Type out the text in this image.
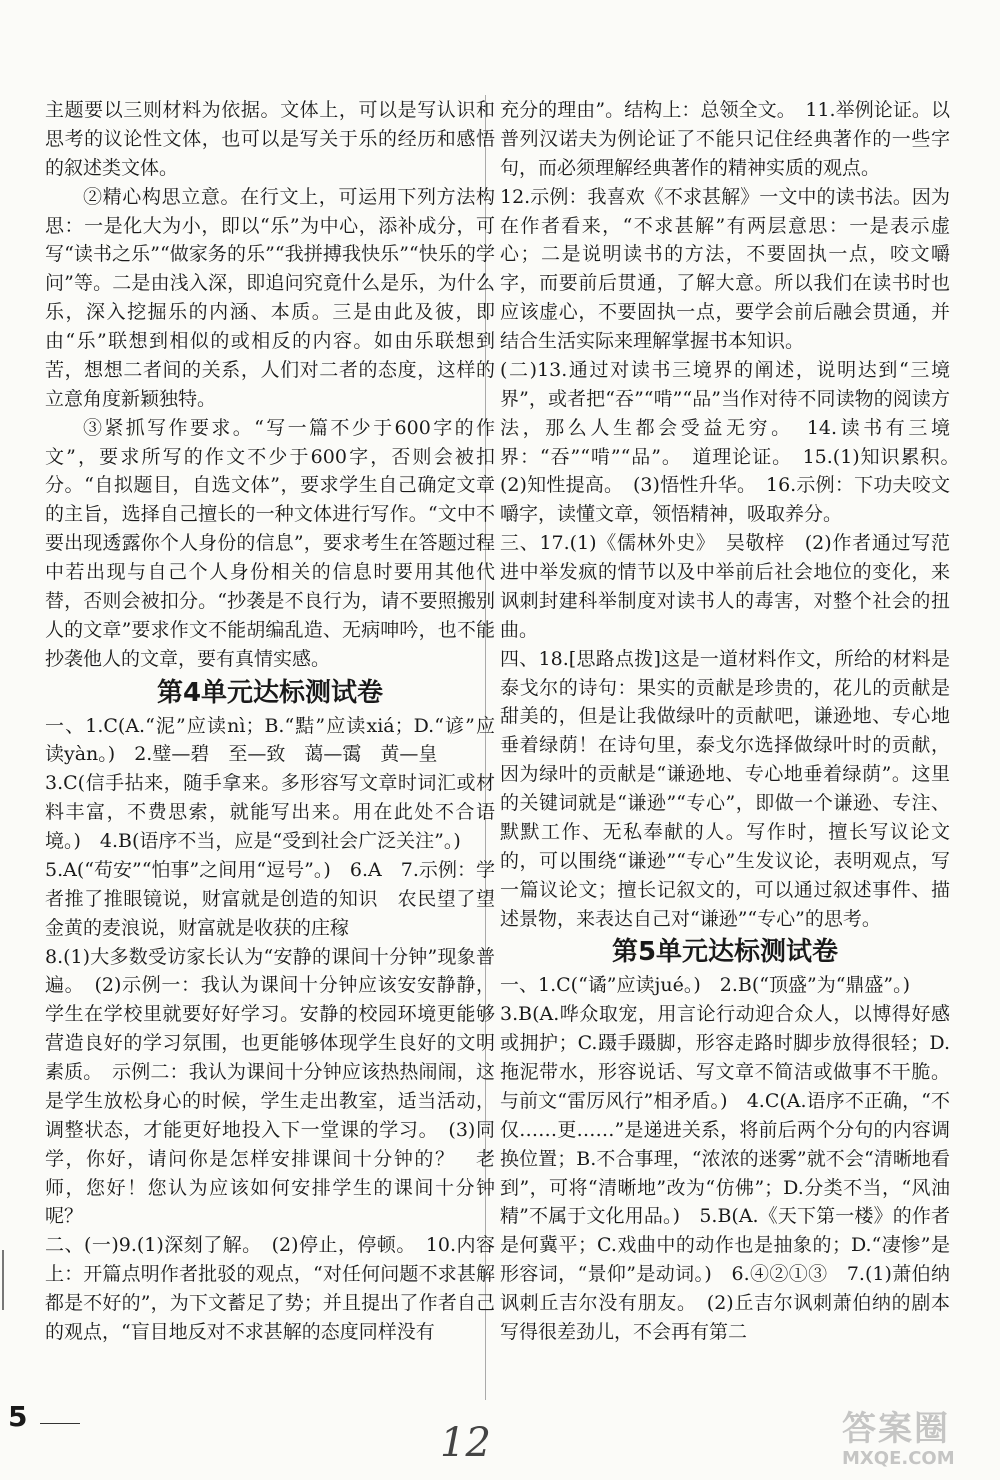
主题要以三则材料为依据。文体上，可以是写认识和思考的议论性文体，也可以是写关于乐的经历和感悟的叙述类文体。

②精心构思立意。在行文上，可运用下列方法构思：一是化大为小，即以“乐”为中心，添补成分，可写“读书之乐”“做家务的乐”“我拼搏我快乐”“快乐的学问”等。二是由浅入深，即追问究竟什么是乐，为什么乐，深入挖掘乐的内涵、本质。三是由此及彼，即由“乐”联想到相似的或相反的内容。如由乐联想到苦，想想二者间的关系，人们对二者的态度，这样的立意角度新颖独特。

③紧抓写作要求。“写一篇不少于600字的作文”，要求所写的作文不少于600字，否则会被扣分。“自拟题目，自选文体”，要求学生自己确定文章的主旨，选择自己擅长的一种文体进行写作。“文中不要出现透露你个人身份的信息”，要求考生在答题过程中若出现与自己个人身份相关的信息时要用其他代替，否则会被扣分。“抄袭是不良行为，请不要照搬别人的文章”要求作文不能胡编乱造、无病呻吟，也不能抄袭他人的文章，要有真情实感。

第4单元达标测试卷

一、1.C(A.“泥”应读nì；B.“黠”应读xiá；D.“谚”应读yàn。)　2.璧—碧　至—致　蔼—霭　黄—皇

3.C(信手拈来，随手拿来。多形容写文章时词汇或材料丰富，不费思索，就能写出来。用在此处不合语境。)　4.B(语序不当，应是“受到社会广泛关注”。)

5.A(“苟安”“怕事”之间用“逗号”。)　6.A　7.示例：学者推了推眼镜说，财富就是创造的知识　农民望了望金黄的麦浪说，财富就是收获的庄稼

8.(1)大多数受访家长认为“安静的课间十分钟”现象普遍。　(2)示例一：我认为课间十分钟应该安安静静，学生在学校里就要好好学习。安静的校园环境更能够营造良好的学习氛围，也更能够体现学生良好的文明素质。　示例二：我认为课间十分钟应该热热闹闹，这是学生放松身心的时候，学生走出教室，适当活动，调整状态，才能更好地投入下一堂课的学习。　(3)同学，你好，请问你是怎样安排课间十分钟的？　老师，您好！您认为应该如何安排学生的课间十分钟呢？

二、(一)9.(1)深刻了解。　(2)停止，停顿。　10.内容上：开篇点明作者批驳的观点，“对任何问题不求甚解都是不好的”，为下文蓄足了势；并且提出了作者自己的观点，“盲目地反对不求甚解的态度同样没有

充分的理由”。结构上：总领全文。　11.举例论证。以普列汉诺夫为例论证了不能只记住经典著作的一些字句，而必须理解经典著作的精神实质的观点。

12.示例：我喜欢《不求甚解》一文中的读书法。因为在作者看来，“不求甚解”有两层意思：一是表示虚心；二是说明读书的方法，不要固执一点，咬文嚼字，而要前后贯通，了解大意。所以我们在读书时也应该虚心，不要固执一点，要学会前后融会贯通，并结合生活实际来理解掌握书本知识。

(二)13.通过对读书三境界的阐述，说明达到“三境界”，或者把“吞”“啃”“品”当作对待不同读物的阅读方法，那么人生都会受益无穷。　14.读书有三境界：“吞”“啃”“品”。　道理论证。　15.(1)知识累积。　(2)知性提高。　(3)悟性升华。　16.示例：下功夫咬文嚼字，读懂文章，领悟精神，吸取养分。

三、17.(1)《儒林外史》　吴敬梓　(2)作者通过写范进中举发疯的情节以及中举前后社会地位的变化，来讽刺封建科举制度对读书人的毒害，对整个社会的扭曲。

四、18.[思路点拨]这是一道材料作文，所给的材料是泰戈尔的诗句：果实的贡献是珍贵的，花儿的贡献是甜美的，但是让我做绿叶的贡献吧，谦逊地、专心地垂着绿荫！在诗句里，泰戈尔选择做绿叶时的贡献，因为绿叶的贡献是“谦逊地、专心地垂着绿荫”。这里的关键词就是“谦逊”“专心”，即做一个谦逊、专注、默默工作、无私奉献的人。写作时，擅长写议论文的，可以围绕“谦逊”“专心”生发议论，表明观点，写一篇议论文；擅长记叙文的，可以通过叙述事件、描述景物，来表达自己对“谦逊”“专心”的思考。

第5单元达标测试卷

一、1.C(“谲”应读jué。)　2.B(“顶盛”为“鼎盛”。)

3.B(A.哗众取宠，用言论行动迎合众人，以博得好感或拥护；C.蹑手蹑脚，形容走路时脚步放得很轻；D.拖泥带水，形容说话、写文章不简洁或做事不干脆。与前文“雷厉风行”相矛盾。)　4.C(A.语序不正确，“不仅……更……”是递进关系，将前后两个分句的内容调换位置；B.不合事理，“浓浓的迷雾”就不会“清晰地看到”，可将“清晰地”改为“仿佛”；D.分类不当，“风油精”不属于文化用品。)　5.B(A.《天下第一楼》的作者是何冀平；C.戏曲中的动作也是抽象的；D.“凄惨”是形容词，“景仰”是动词。)　6.④②①③　7.(1)萧伯纳讽刺丘吉尔没有朋友。　(2)丘吉尔讽刺萧伯纳的剧本写得很差劲儿，不会再有第二

5
12	答案圈
MXQE.COM
